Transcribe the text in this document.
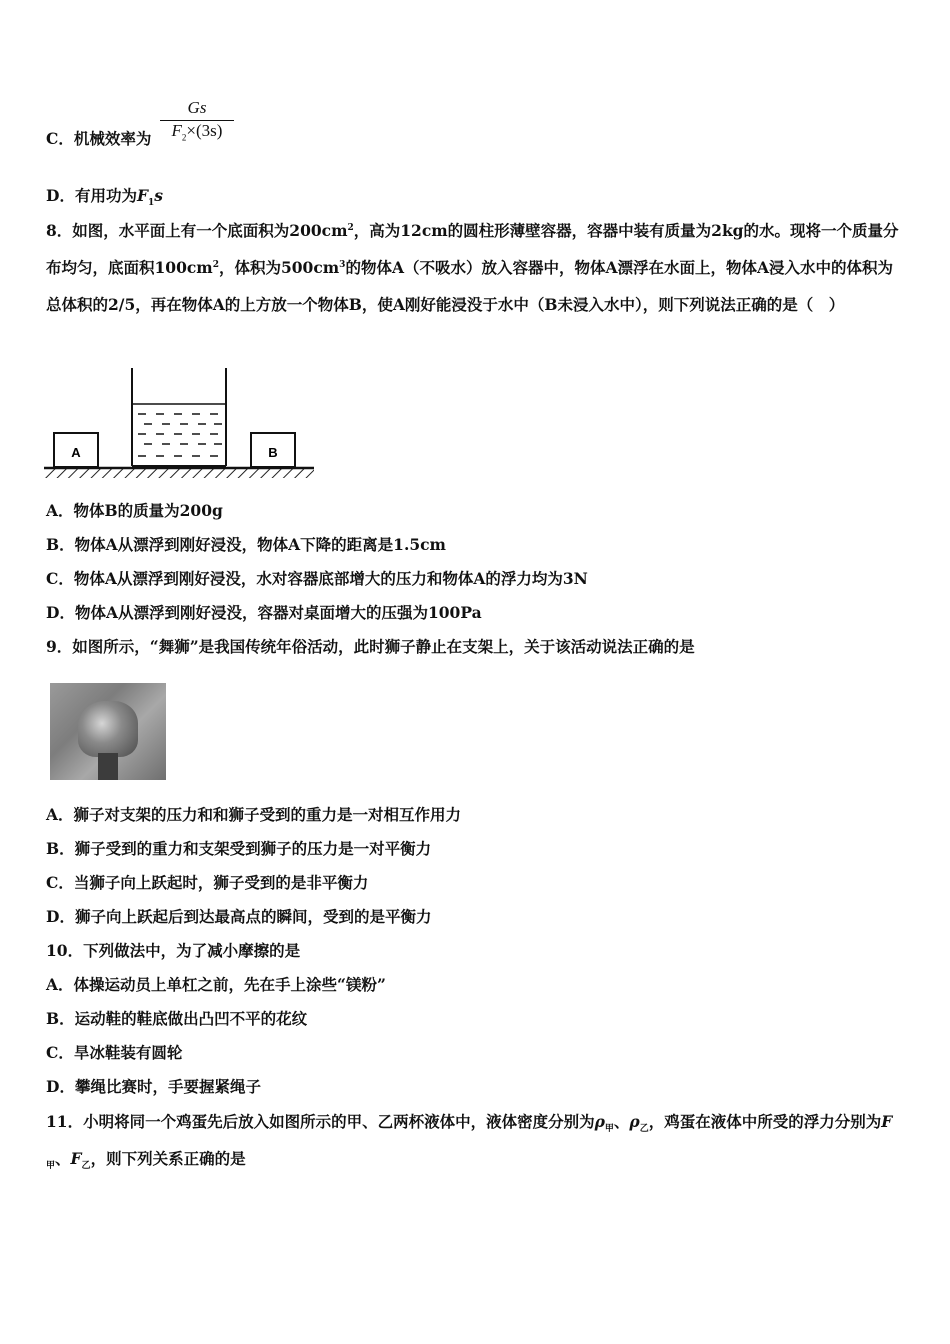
C．机械效率为
Gs
$F_2\times(3s)$
D．有用功为$F_1s$
8．如图，水平面上有一个底面积为$200cm^2$，高为12cm的圆柱形薄壁容器，容器中装有质量为2kg的水。现将一个质量分布均匀，底面积$100cm^2$，体积为$500cm^3$的物体A（不吸水）放入容器中，物体A漂浮在水面上，物体A浸入水中的体积为总体积的2/5，再在物体A的上方放一个物体B，使A刚好能浸没于水中（B未浸入水中），则下列说法正确的是（　）
A	B
A．物体B的质量为200g
B．物体A从漂浮到刚好浸没，物体A下降的距离是1.5cm
C．物体A从漂浮到刚好浸没，水对容器底部增大的压力和物体A的浮力均为3N
D．物体A从漂浮到刚好浸没，容器对桌面增大的压强为100Pa
9．如图所示，“舞狮”是我国传统年俗活动，此时狮子静止在支架上，关于该活动说法正确的是
A．狮子对支架的压力和和狮子受到的重力是一对相互作用力
B．狮子受到的重力和支架受到狮子的压力是一对平衡力
C．当狮子向上跃起时，狮子受到的是非平衡力
D．狮子向上跃起后到达最高点的瞬间，受到的是平衡力
10．下列做法中，为了减小摩擦的是
A．体操运动员上单杠之前，先在手上涂些“镁粉”
B．运动鞋的鞋底做出凸凹不平的花纹
C．旱冰鞋装有圆轮
D．攀绳比赛时，手要握紧绳子
11．小明将同一个鸡蛋先后放入如图所示的甲、乙两杯液体中，液体密度分别为$\rho_甲$、$\rho_乙$，鸡蛋在液体中所受的浮力分别为$F_甲$、$F_乙$，则下列关系正确的是
